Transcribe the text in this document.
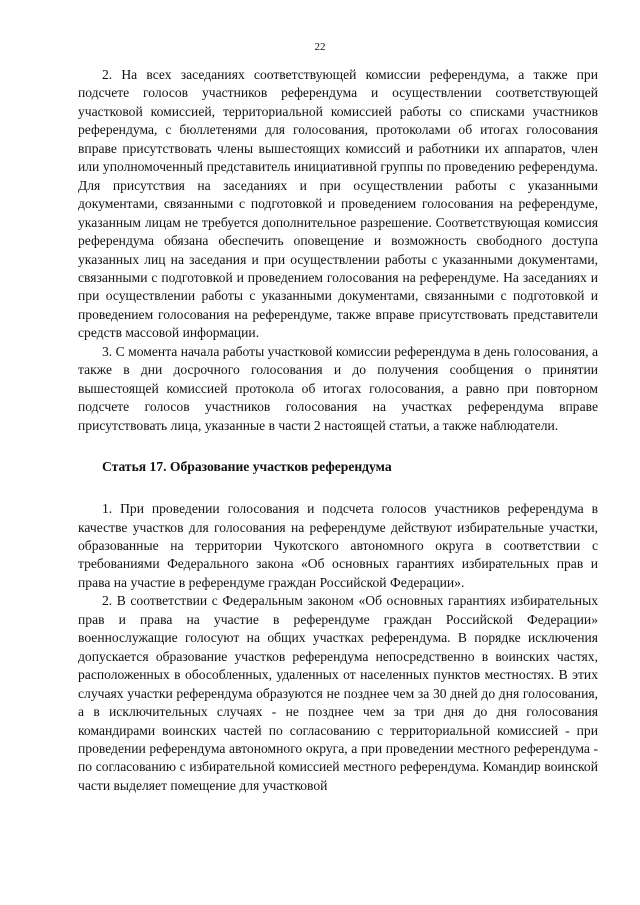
22

2. На всех заседаниях соответствующей комиссии референдума, а также при подсчете голосов участников референдума и осуществлении соответствующей участковой комиссией, территориальной комиссией работы со списками участников референдума, с бюллетенями для голосования, протоколами об итогах голосования вправе присутствовать члены вышестоящих комиссий и работники их аппаратов, член или уполномоченный представитель инициативной группы по проведению референдума. Для присутствия на заседаниях и при осуществлении работы с указанными документами, связанными с подготовкой и проведением голосования на референдуме, указанным лицам не требуется дополнительное разрешение. Соответствующая комиссия референдума обязана обеспечить оповещение и возможность свободного доступа указанных лиц на заседания и при осуществлении работы с указанными документами, связанными с подготовкой и проведением голосования на референдуме. На заседаниях и при осуществлении работы с указанными документами, связанными с подготовкой и проведением голосования на референдуме, также вправе присутствовать представители средств массовой информации.

3. С момента начала работы участковой комиссии референдума в день голосования, а также в дни досрочного голосования и до получения сообщения о принятии вышестоящей комиссией протокола об итогах голосования, а равно при повторном подсчете голосов участников голосования на участках референдума вправе присутствовать лица, указанные в части 2 настоящей статьи, а также наблюдатели.

Статья 17. Образование участков референдума

1. При проведении голосования и подсчета голосов участников референдума в качестве участков для голосования на референдуме действуют избирательные участки, образованные на территории Чукотского автономного округа в соответствии с требованиями Федерального закона «Об основных гарантиях избирательных прав и права на участие в референдуме граждан Российской Федерации».

2. В соответствии с Федеральным законом «Об основных гарантиях избирательных прав и права на участие в референдуме граждан Российской Федерации» военнослужащие голосуют на общих участках референдума. В порядке исключения допускается образование участков референдума непосредственно в воинских частях, расположенных в обособленных, удаленных от населенных пунктов местностях. В этих случаях участки референдума образуются не позднее чем за 30 дней до дня голосования, а в исключительных случаях - не позднее чем за три дня до дня голосования командирами воинских частей по согласованию с территориальной комиссией - при проведении референдума автономного округа, а при проведении местного референдума - по согласованию с избирательной комиссией местного референдума. Командир воинской части выделяет помещение для участковой
